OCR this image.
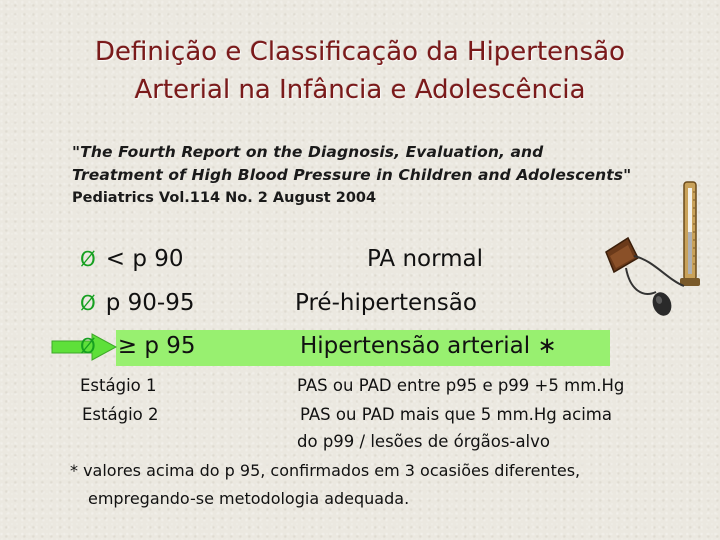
Definição e Classificação da Hipertensão
Arterial na Infância e Adolescência
"The Fourth Report on the Diagnosis, Evaluation, and
Treatment of High Blood Pressure in Children and Adolescents"
Pediatrics Vol.114 No. 2 August 2004
Ø < p 90	PA normal
Ø p 90-95	Pré-hipertensão
Ø ≥ p 95	Hipertensão arterial ∗
Estágio 1	PAS ou PAD entre p95 e p99 +5 mm.Hg
Estágio 2	PAS ou PAD mais que 5 mm.Hg acima
do p99 / lesões de órgãos-alvo
* valores acima do p 95, confirmados em 3 ocasiões diferentes,
empregando-se metodologia adequada.
